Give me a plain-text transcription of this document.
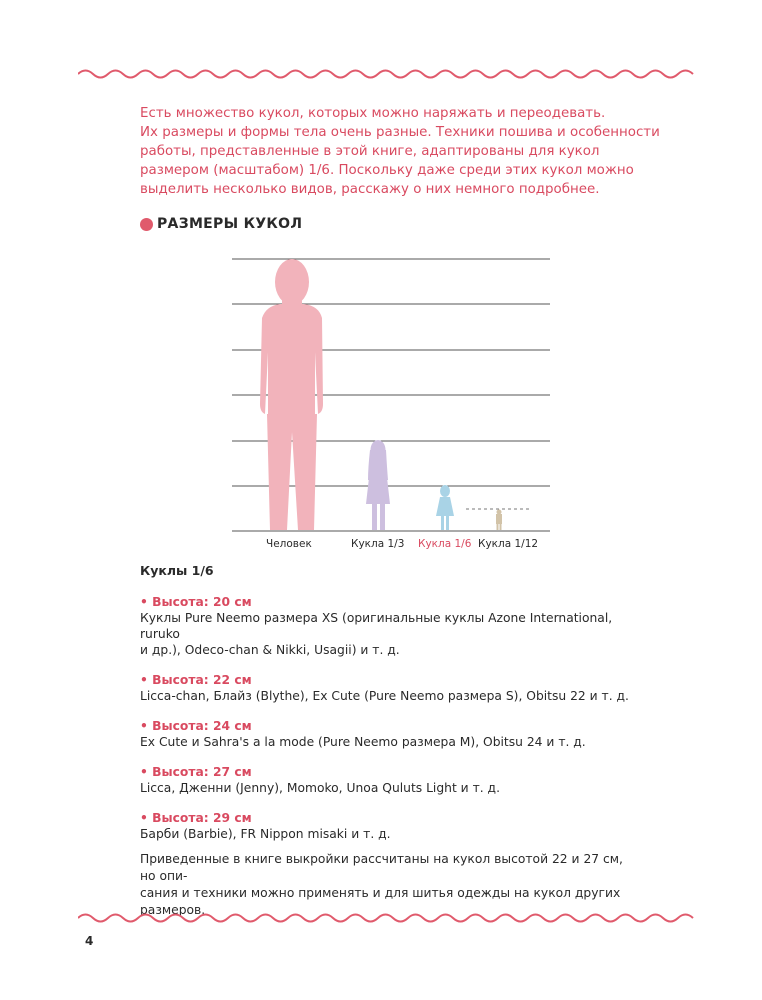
Есть множество кукол, которых можно наряжать и переодевать.

Их размеры и формы тела очень разные. Техники пошива и особенности

работы, представленные в этой книге, адаптированы для кукол

размером (масштабом) 1/6. Поскольку даже среди этих кукол можно

выделить несколько видов, расскажу о них немного подробнее.

РАЗМЕРЫ КУКОЛ
Человек	Кукла 1/3 Кукла 1/6 Кукла 1/12
Куклы 1/6
• Высота: 20 см
Куклы Pure Neemo размера XS (оригинальные куклы Azone International, ruruko
и др.), Odeco-chan & Nikki, Usagii) и т. д.
• Высота: 22 см
Licca-chan, Блайз (Blythe), Ex Cute (Pure Neemo размера S), Obitsu 22 и т. д.
• Высота: 24 см
Ex Cute и Sahra's a la mode (Pure Neemo размера M), Obitsu 24 и т. д.
• Высота: 27 см
Licca, Дженни (Jenny), Momoko, Unoa Quluts Light и т. д.
• Высота: 29 см
Барби (Barbie), FR Nippon misaki и т. д.
Приведенные в книге выкройки рассчитаны на кукол высотой 22 и 27 см, но опи-
сания и техники можно применять и для шитья одежды на кукол других размеров.
4
